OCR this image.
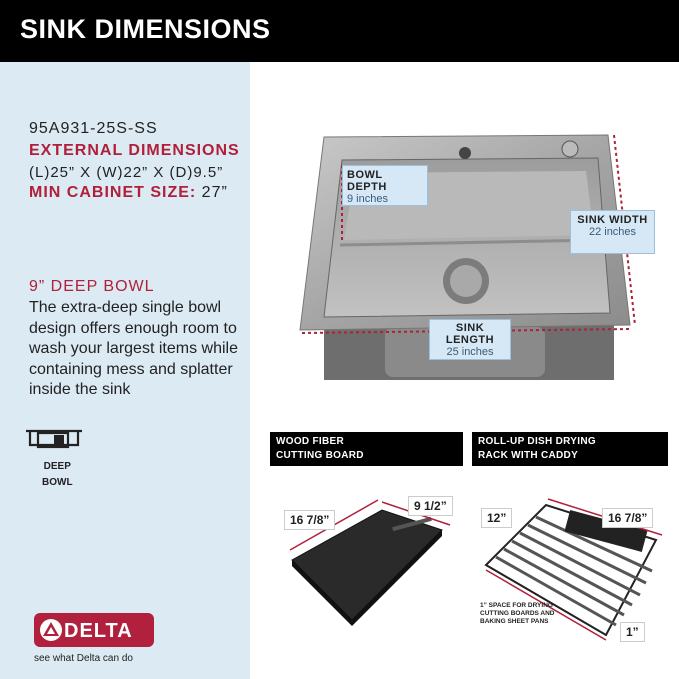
SINK DIMENSIONS
95A931-25S-SS
EXTERNAL DIMENSIONS
(L)25” X (W)22” X (D)9.5”
MIN CABINET SIZE: 27”
9” DEEP BOWL
The extra-deep single bowl design offers enough room to wash your largest items while containing mess and splatter inside the sink
DEEP
BOWL
DELTA
see what Delta can do
BOWL DEPTH
9 inches
SINK WIDTH
22 inches
SINK LENGTH
25 inches
WOOD FIBER
CUTTING BOARD
16 7/8”
9 1/2”
ROLL-UP DISH DRYING
RACK WITH CADDY
12”	16 7/8”
1”
1” SPACE FOR DRYING CUTTING BOARDS AND BAKING SHEET PANS
